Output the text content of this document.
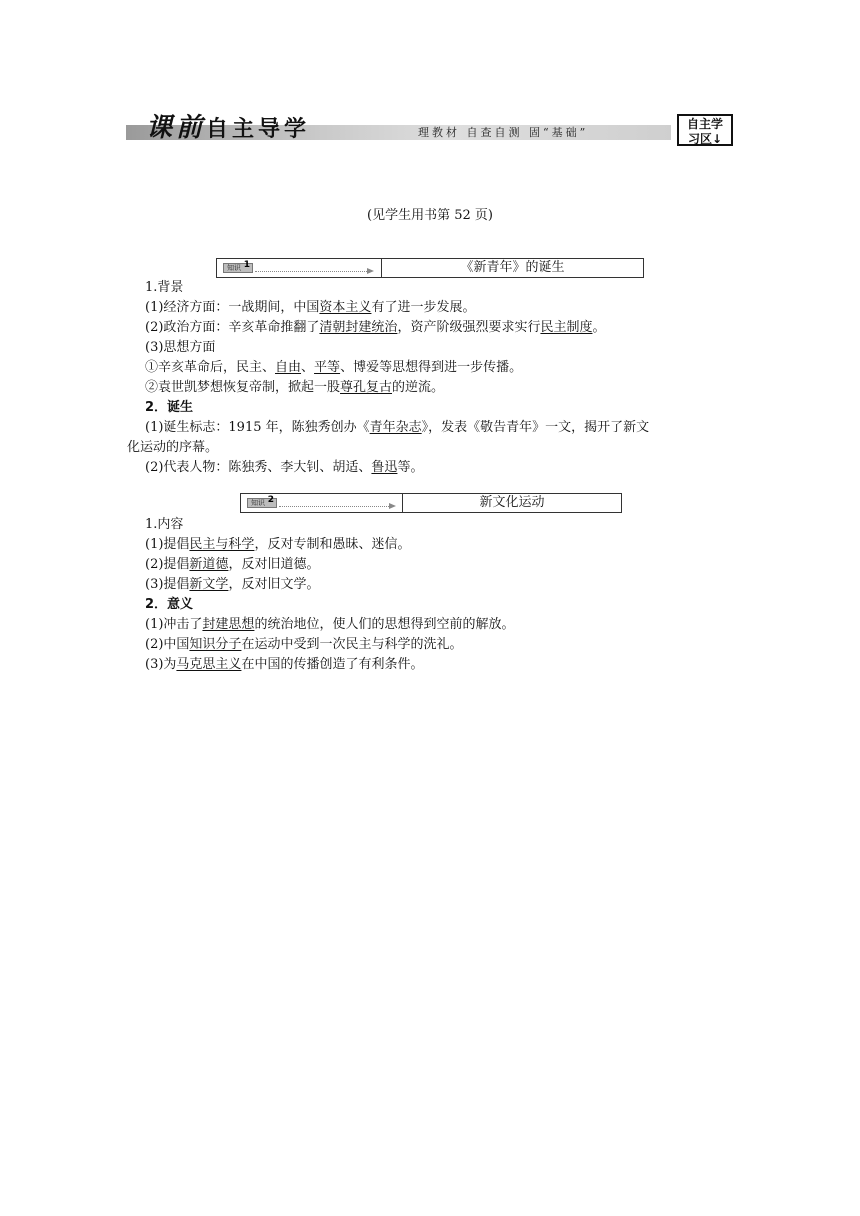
课前自主导学	理教材 自查自测 固“基础”
自主学
习区↓
(见学生用书第 52 页)
知识 1	《新青年》的诞生
1.背景
(1)经济方面：一战期间，中国资本主义有了进一步发展。
(2)政治方面：辛亥革命推翻了清朝封建统治，资产阶级强烈要求实行民主制度。
(3)思想方面
①辛亥革命后，民主、自由、平等、博爱等思想得到进一步传播。
②袁世凯梦想恢复帝制，掀起一股尊孔复古的逆流。
2．诞生
(1)诞生标志：1915 年，陈独秀创办《青年杂志》，发表《敬告青年》一文，揭开了新文
化运动的序幕。
(2)代表人物：陈独秀、李大钊、胡适、鲁迅等。
知识 2	新文化运动
1.内容
(1)提倡民主与科学，反对专制和愚昧、迷信。
(2)提倡新道德，反对旧道德。
(3)提倡新文学，反对旧文学。
2．意义
(1)冲击了封建思想的统治地位，使人们的思想得到空前的解放。
(2)中国知识分子在运动中受到一次民主与科学的洗礼。
(3)为马克思主义在中国的传播创造了有利条件。
